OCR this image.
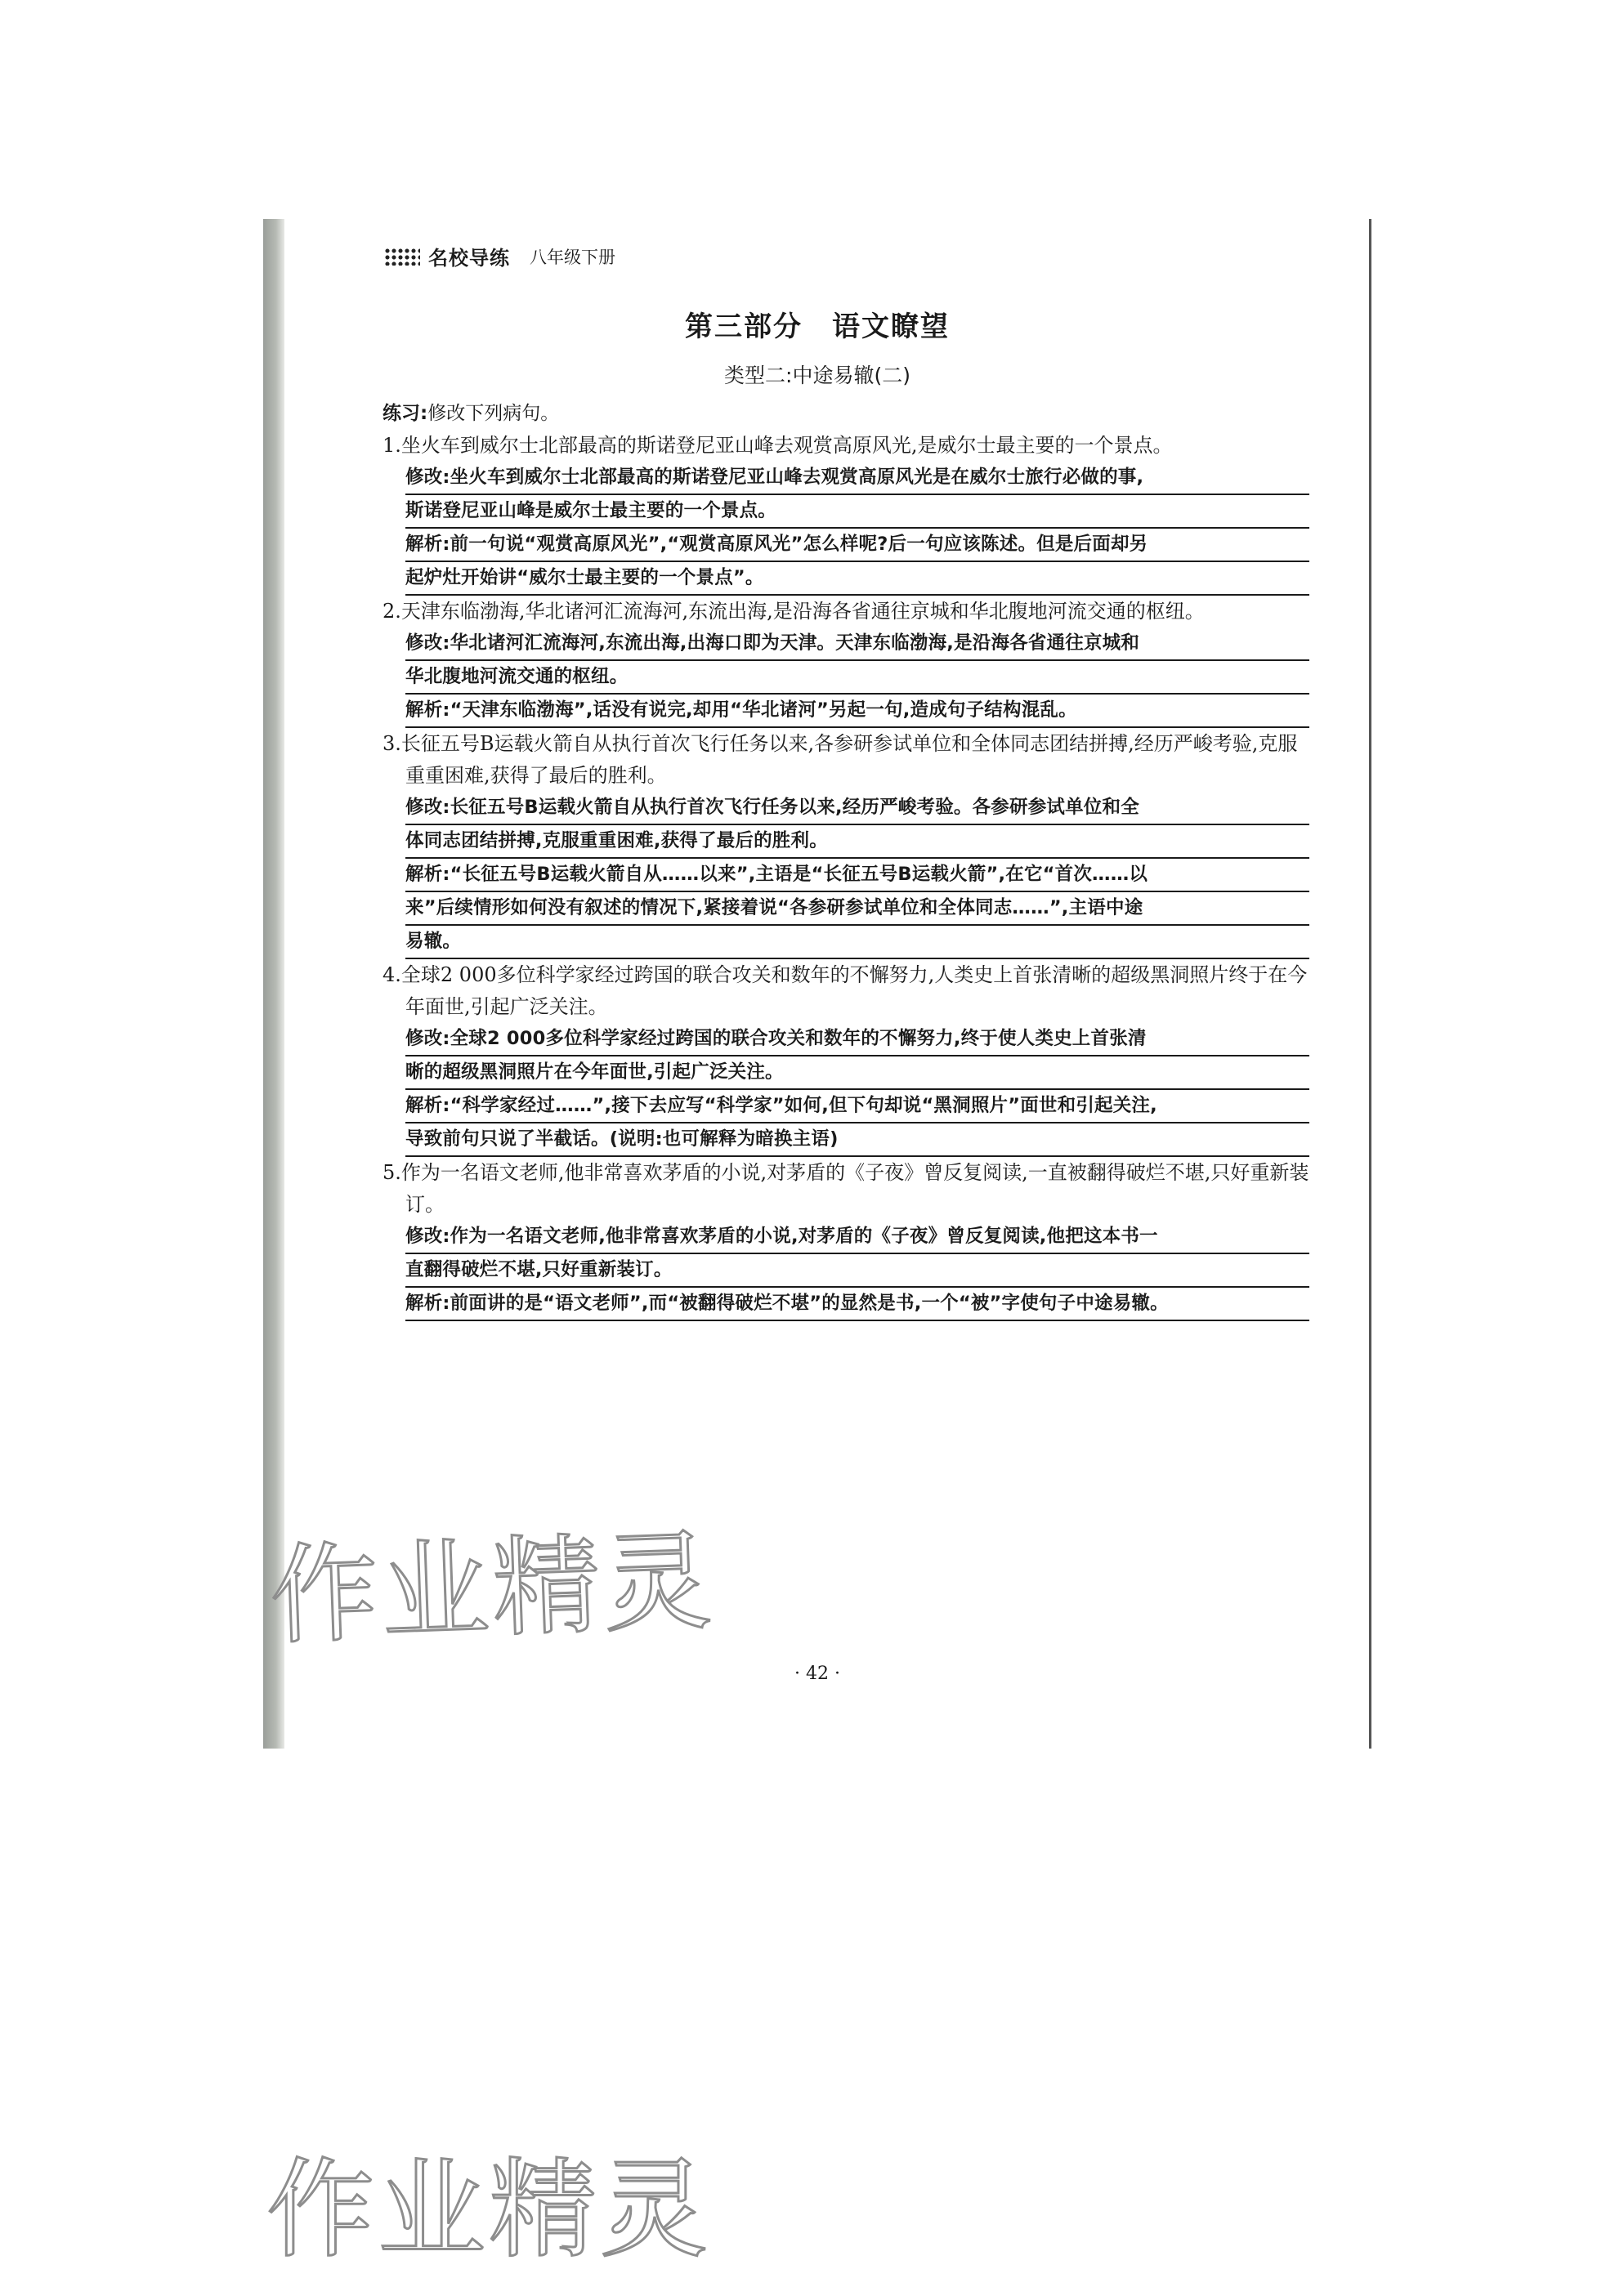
名校导练 八年级下册
第三部分　语文瞭望
类型二:中途易辙(二)
练习:修改下列病句。
1.坐火车到威尔士北部最高的斯诺登尼亚山峰去观赏高原风光,是威尔士最主要的一个景点。
修改:坐火车到威尔士北部最高的斯诺登尼亚山峰去观赏高原风光是在威尔士旅行必做的事,
斯诺登尼亚山峰是威尔士最主要的一个景点。
解析:前一句说“观赏高原风光”,“观赏高原风光”怎么样呢?后一句应该陈述。但是后面却另
起炉灶开始讲“威尔士最主要的一个景点”。
2.天津东临渤海,华北诸河汇流海河,东流出海,是沿海各省通往京城和华北腹地河流交通的枢纽。
修改:华北诸河汇流海河,东流出海,出海口即为天津。天津东临渤海,是沿海各省通往京城和
华北腹地河流交通的枢纽。
解析:“天津东临渤海”,话没有说完,却用“华北诸河”另起一句,造成句子结构混乱。
3.长征五号B运载火箭自从执行首次飞行任务以来,各参研参试单位和全体同志团结拼搏,经历严峻考验,克服重重困难,获得了最后的胜利。
修改:长征五号B运载火箭自从执行首次飞行任务以来,经历严峻考验。各参研参试单位和全
体同志团结拼搏,克服重重困难,获得了最后的胜利。
解析:“长征五号B运载火箭自从……以来”,主语是“长征五号B运载火箭”,在它“首次……以
来”后续情形如何没有叙述的情况下,紧接着说“各参研参试单位和全体同志……”,主语中途
易辙。
4.全球2 000多位科学家经过跨国的联合攻关和数年的不懈努力,人类史上首张清晰的超级黑洞照片终于在今年面世,引起广泛关注。
修改:全球2 000多位科学家经过跨国的联合攻关和数年的不懈努力,终于使人类史上首张清
晰的超级黑洞照片在今年面世,引起广泛关注。
解析:“科学家经过……”,接下去应写“科学家”如何,但下句却说“黑洞照片”面世和引起关注,
导致前句只说了半截话。(说明:也可解释为暗换主语)
5.作为一名语文老师,他非常喜欢茅盾的小说,对茅盾的《子夜》曾反复阅读,一直被翻得破烂不堪,只好重新装订。
修改:作为一名语文老师,他非常喜欢茅盾的小说,对茅盾的《子夜》曾反复阅读,他把这本书一
直翻得破烂不堪,只好重新装订。
解析:前面讲的是“语文老师”,而“被翻得破烂不堪”的显然是书,一个“被”字使句子中途易辙。
· 42 ·
作业精灵
作业精灵
